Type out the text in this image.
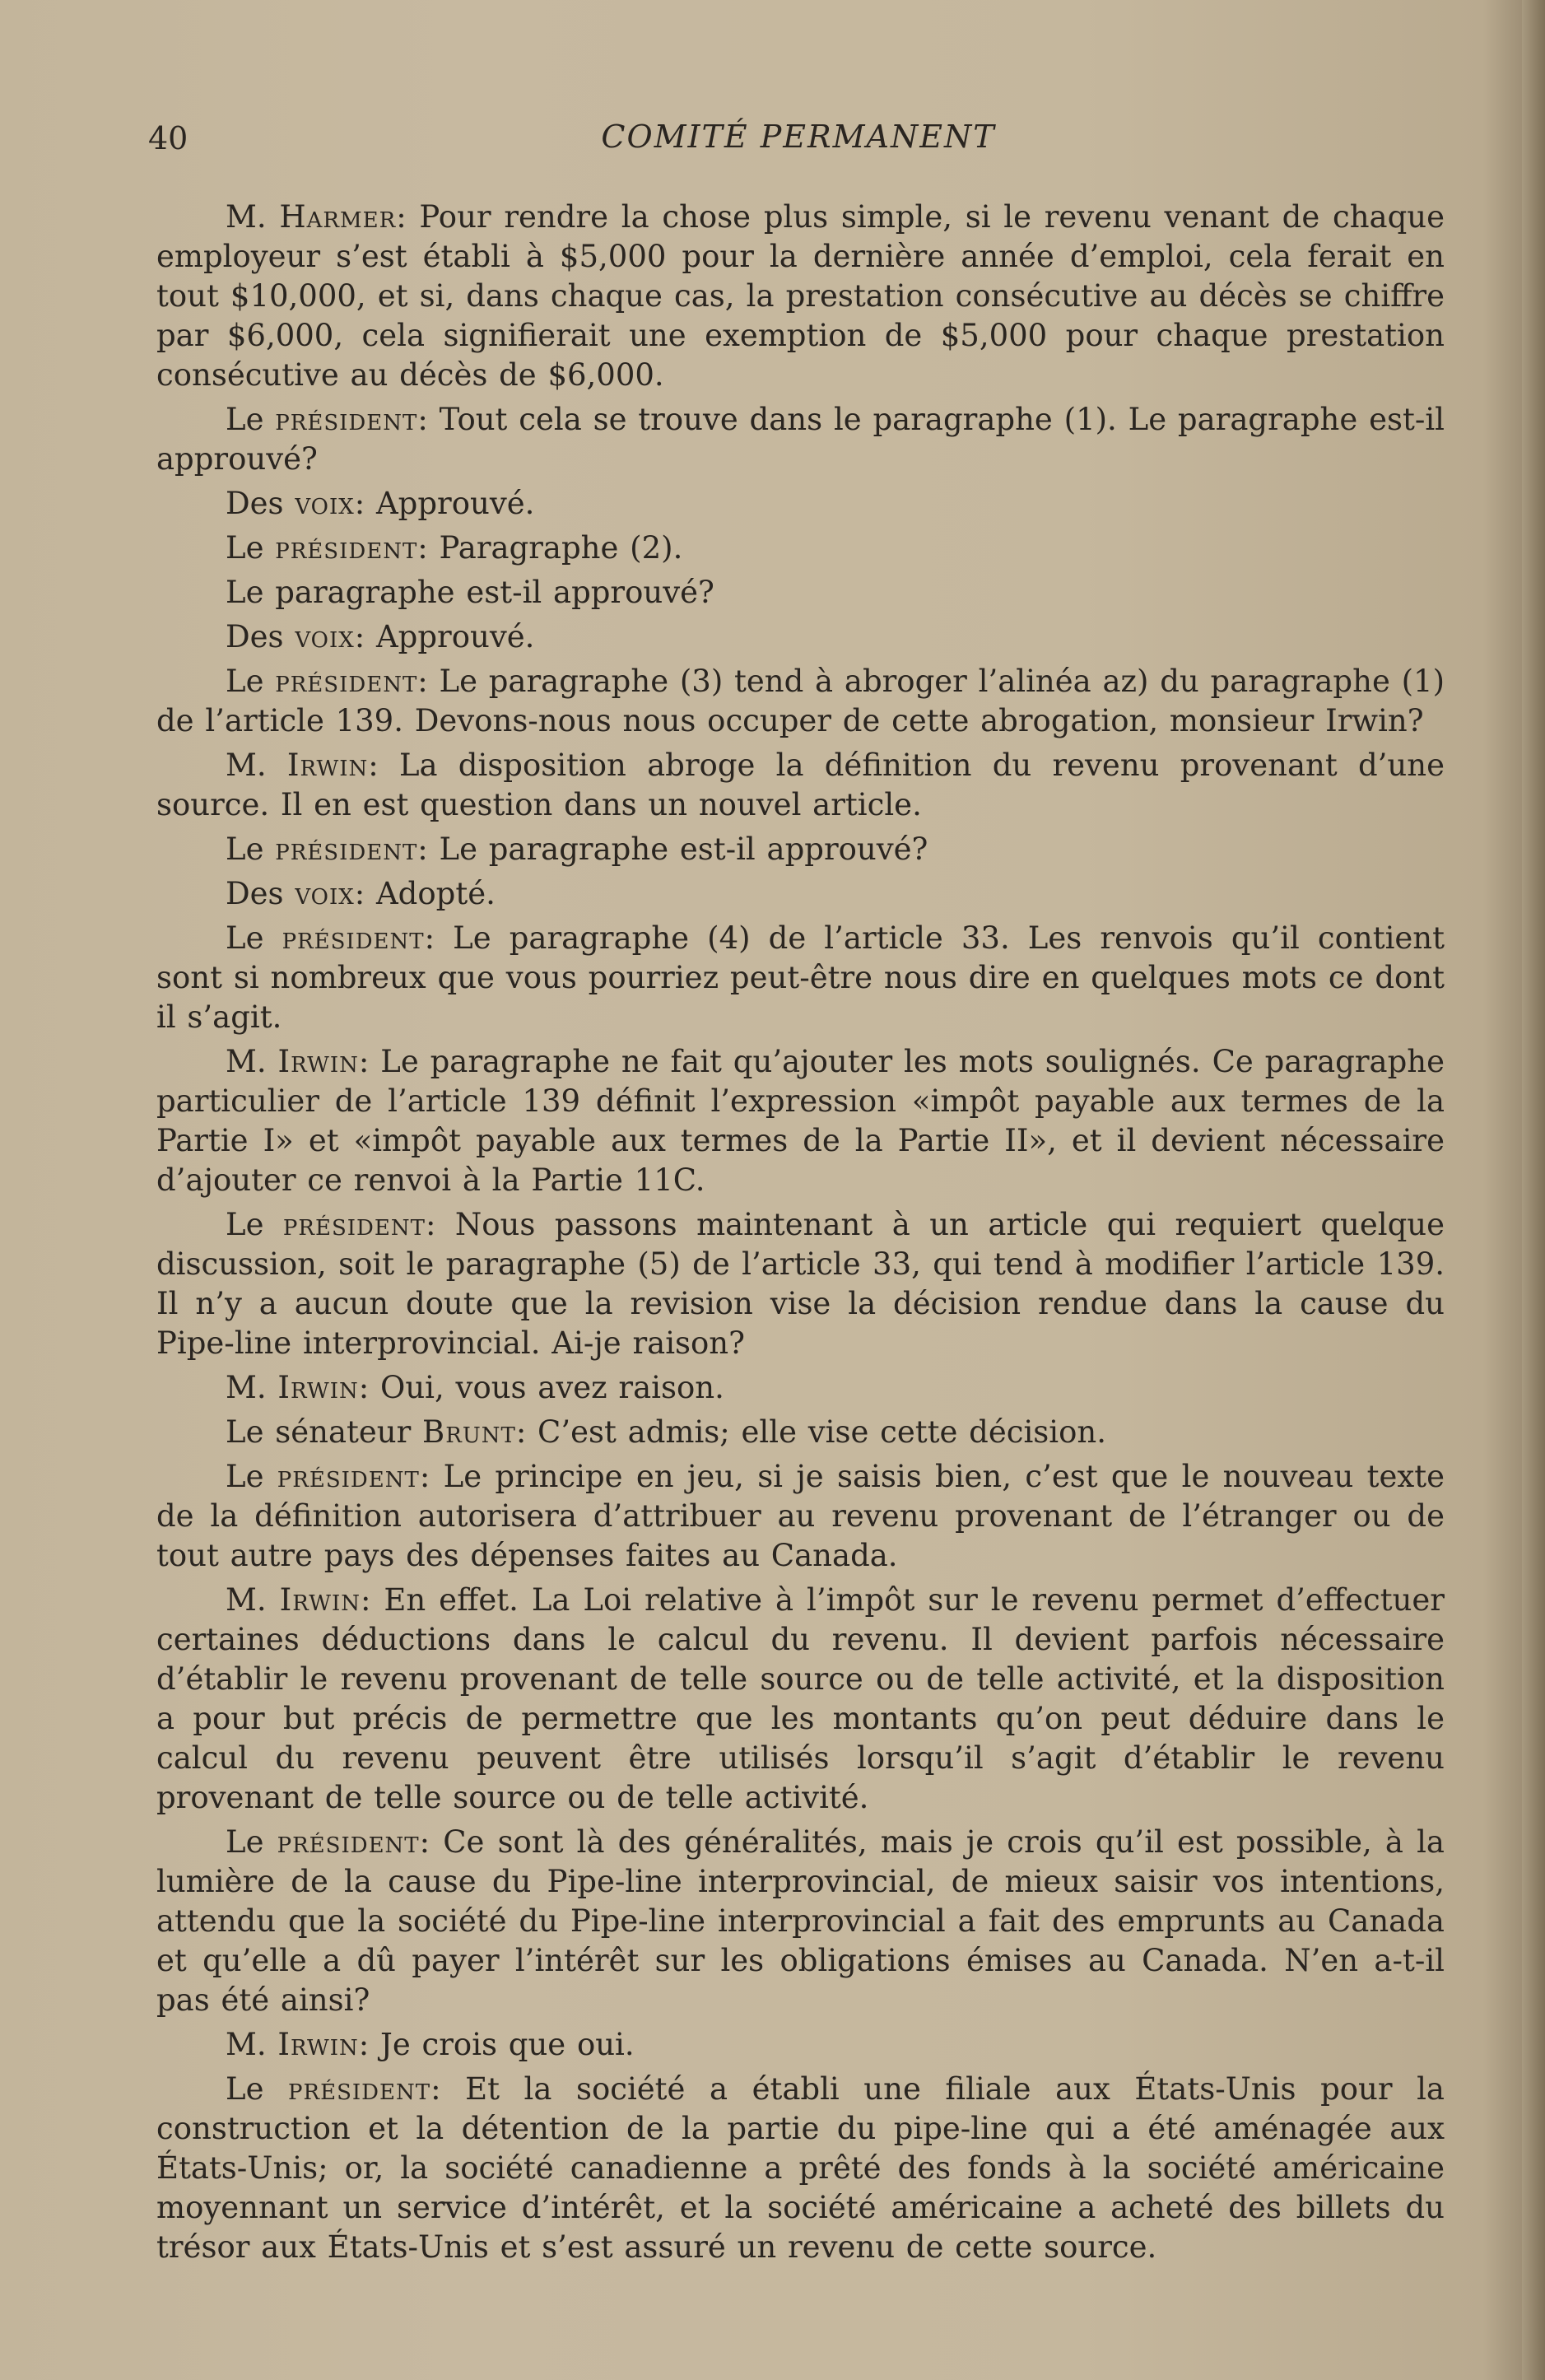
40	COMITÉ PERMANENT

M. Harmer: Pour rendre la chose plus simple, si le revenu venant de chaque employeur s’est établi à $5,000 pour la dernière année d’emploi, cela ferait en tout $10,000, et si, dans chaque cas, la prestation consécutive au décès se chiffre par $6,000, cela signifierait une exemption de $5,000 pour chaque prestation consécutive au décès de $6,000.

Le président: Tout cela se trouve dans le paragraphe (1). Le paragraphe est-il approuvé?

Des voix: Approuvé.

Le président: Paragraphe (2).

Le paragraphe est-il approuvé?

Des voix: Approuvé.

Le président: Le paragraphe (3) tend à abroger l’alinéa az) du paragraphe (1) de l’article 139. Devons-nous nous occuper de cette abrogation, monsieur Irwin?

M. Irwin: La disposition abroge la définition du revenu provenant d’une source. Il en est question dans un nouvel article.

Le président: Le paragraphe est-il approuvé?

Des voix: Adopté.

Le président: Le paragraphe (4) de l’article 33. Les renvois qu’il contient sont si nombreux que vous pourriez peut-être nous dire en quelques mots ce dont il s’agit.

M. Irwin: Le paragraphe ne fait qu’ajouter les mots soulignés. Ce paragraphe particulier de l’article 139 définit l’expression «impôt payable aux termes de la Partie I» et «impôt payable aux termes de la Partie II», et il devient nécessaire d’ajouter ce renvoi à la Partie 11C.

Le président: Nous passons maintenant à un article qui requiert quelque discussion, soit le paragraphe (5) de l’article 33, qui tend à modifier l’article 139. Il n’y a aucun doute que la revision vise la décision rendue dans la cause du Pipe-line interprovincial. Ai-je raison?

M. Irwin: Oui, vous avez raison.

Le sénateur Brunt: C’est admis; elle vise cette décision.

Le président: Le principe en jeu, si je saisis bien, c’est que le nouveau texte de la définition autorisera d’attribuer au revenu provenant de l’étranger ou de tout autre pays des dépenses faites au Canada.

M. Irwin: En effet. La Loi relative à l’impôt sur le revenu permet d’effectuer certaines déductions dans le calcul du revenu. Il devient parfois nécessaire d’établir le revenu provenant de telle source ou de telle activité, et la disposition a pour but précis de permettre que les montants qu’on peut déduire dans le calcul du revenu peuvent être utilisés lorsqu’il s’agit d’établir le revenu provenant de telle source ou de telle activité.

Le président: Ce sont là des généralités, mais je crois qu’il est possible, à la lumière de la cause du Pipe-line interprovincial, de mieux saisir vos intentions, attendu que la société du Pipe-line interprovincial a fait des emprunts au Canada et qu’elle a dû payer l’intérêt sur les obligations émises au Canada. N’en a-t-il pas été ainsi?

M. Irwin: Je crois que oui.

Le président: Et la société a établi une filiale aux États-Unis pour la construction et la détention de la partie du pipe-line qui a été aménagée aux États-Unis; or, la société canadienne a prêté des fonds à la société américaine moyennant un service d’intérêt, et la société américaine a acheté des billets du trésor aux États-Unis et s’est assuré un revenu de cette source.
